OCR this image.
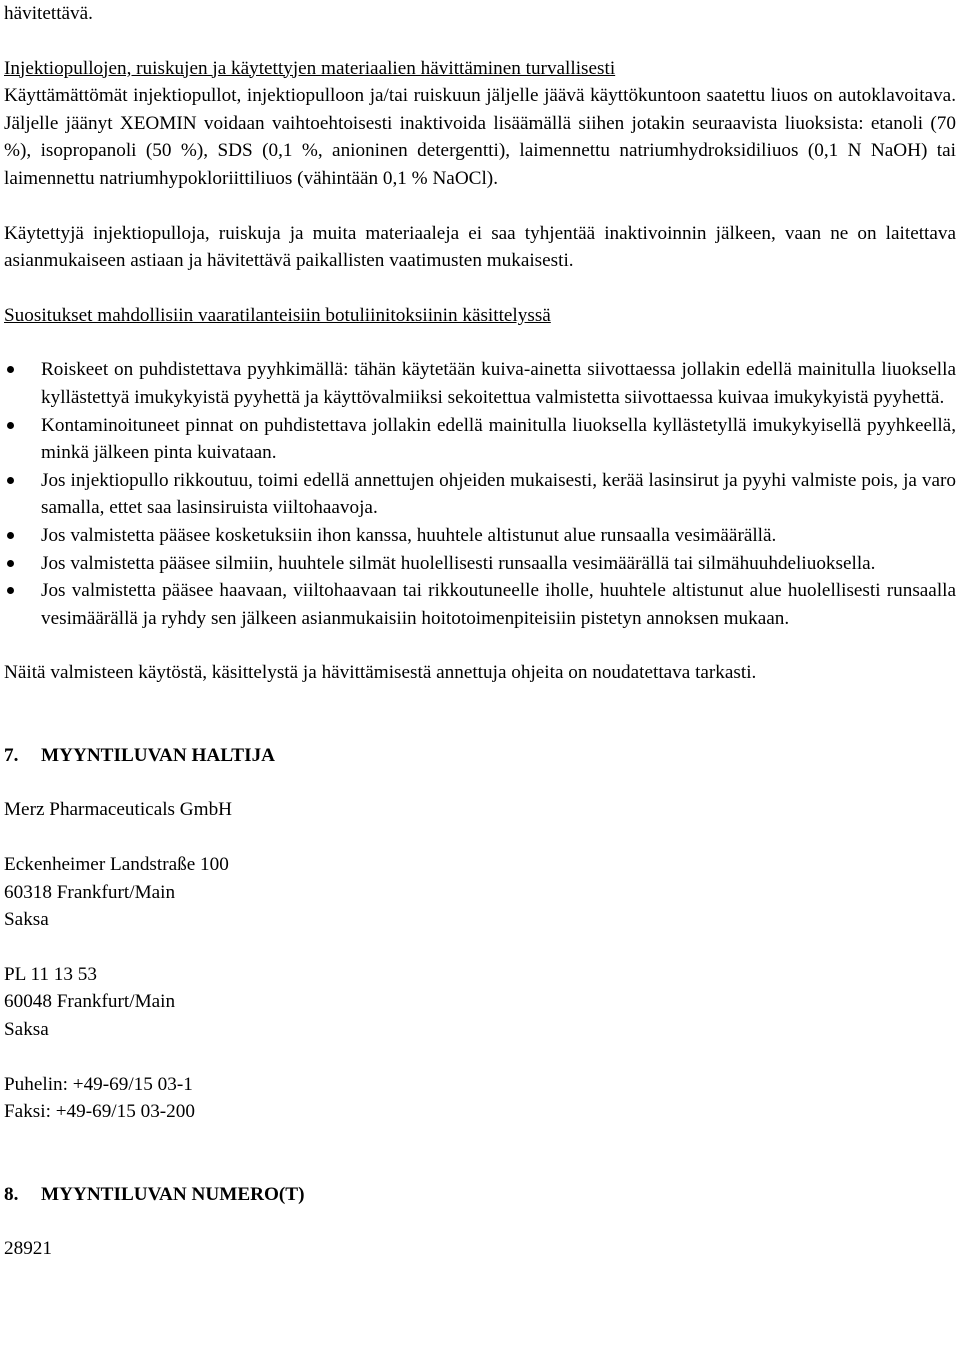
hävitettävä.

Injektiopullojen, ruiskujen ja käytettyjen materiaalien hävittäminen turvallisesti

Käyttämättömät injektiopullot, injektiopulloon ja/tai ruiskuun jäljelle jäävä käyttökuntoon saatettu liuos on autoklavoitava. Jäljelle jäänyt XEOMIN voidaan vaihtoehtoisesti inaktivoida lisäämällä siihen jotakin seuraavista liuoksista: etanoli (70 %), isopropanoli (50 %), SDS (0,1 %, anioninen detergentti), laimennettu natriumhydroksidiliuos (0,1 N NaOH) tai laimennettu natriumhypokloriittiliuos (vähintään 0,1 % NaOCl).

Käytettyjä injektiopulloja, ruiskuja ja muita materiaaleja ei saa tyhjentää inaktivoinnin jälkeen, vaan ne on laitettava asianmukaiseen astiaan ja hävitettävä paikallisten vaatimusten mukaisesti.

Suositukset mahdollisiin vaaratilanteisiin botuliinitoksiinin käsittelyssä

Roiskeet on puhdistettava pyyhkimällä: tähän käytetään kuiva-ainetta siivottaessa jollakin edellä mainitulla liuoksella kyllästettyä imukykyistä pyyhettä ja käyttövalmiiksi sekoitettua valmistetta siivottaessa kuivaa imukykyistä pyyhettä.
Kontaminoituneet pinnat on puhdistettava jollakin edellä mainitulla liuoksella kyllästetyllä imukykyisellä pyyhkeellä, minkä jälkeen pinta kuivataan.
Jos injektiopullo rikkoutuu, toimi edellä annettujen ohjeiden mukaisesti, kerää lasinsirut ja pyyhi valmiste pois, ja varo samalla, ettet saa lasinsiruista viiltohaavoja.
Jos valmistetta pääsee kosketuksiin ihon kanssa, huuhtele altistunut alue runsaalla vesimäärällä.
Jos valmistetta pääsee silmiin, huuhtele silmät huolellisesti runsaalla vesimäärällä tai silmähuuhdeliuoksella.
Jos valmistetta pääsee haavaan, viiltohaavaan tai rikkoutuneelle iholle, huuhtele altistunut alue huolellisesti runsaalla vesimäärällä ja ryhdy sen jälkeen asianmukaisiin hoitotoimenpiteisiin pistetyn annoksen mukaan.

Näitä valmisteen käytöstä, käsittelystä ja hävittämisestä annettuja ohjeita on noudatettava tarkasti.

7.	MYYNTILUVAN HALTIJA

Merz Pharmaceuticals GmbH

Eckenheimer Landstraße 100

60318 Frankfurt/Main

Saksa

PL 11 13 53

60048 Frankfurt/Main

Saksa

Puhelin: +49-69/15 03-1

Faksi: +49-69/15 03-200

8.	MYYNTILUVAN NUMERO(T)

28921
